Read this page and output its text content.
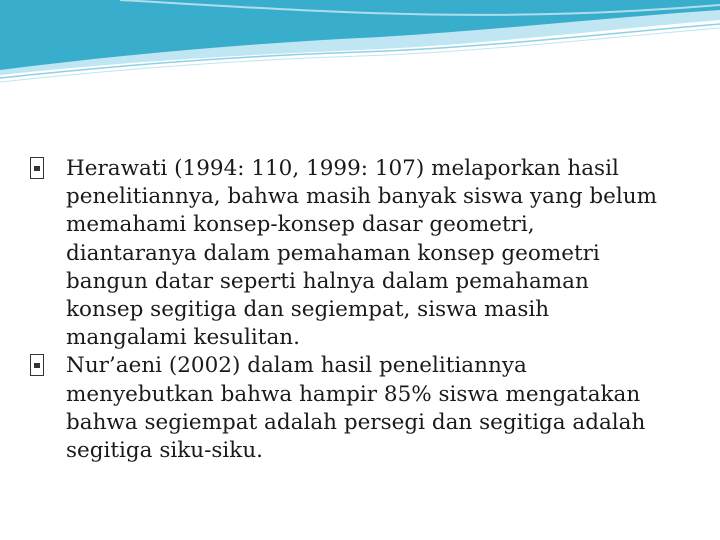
Herawati (1994: 110, 1999: 107) melaporkan hasil
penelitiannya, bahwa masih banyak siswa yang belum
memahami konsep-konsep dasar geometri,
diantaranya dalam pemahaman konsep geometri
bangun datar seperti halnya dalam pemahaman
konsep segitiga dan segiempat, siswa masih
mangalami kesulitan.
Nur’aeni (2002) dalam hasil penelitiannya
menyebutkan bahwa hampir 85% siswa mengatakan
bahwa segiempat adalah persegi dan segitiga adalah
segitiga siku-siku.
